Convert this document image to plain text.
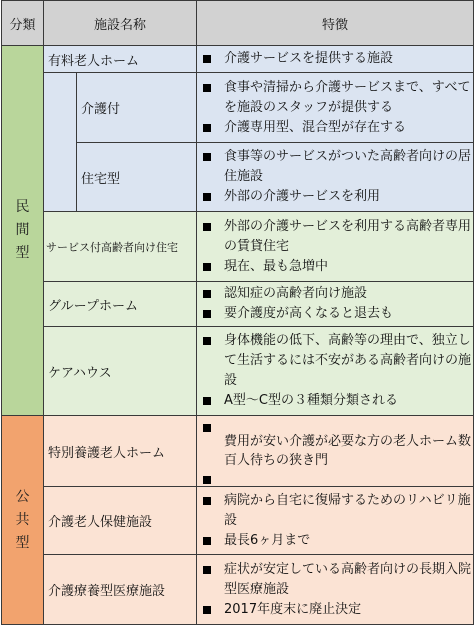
分類	施設名称		特徴

民
間
型	有料老人ホーム		介護サービスを提供する施設

		介護付	食事や清掃から介護サービスまで、すべてを施設のスタッフが提供する
介護専用型、混合型が存在する

		住宅型	食事等のサービスがついた高齢者向けの居住施設
外部の介護サービスを利用

	サービス付高齢者向け住宅		外部の介護サービスを利用する高齢者専用の賃貸住宅
現在、最も急増中

	グループホーム		認知症の高齢者向け施設
要介護度が高くなると退去も

	ケアハウス		身体機能の低下、高齢等の理由で、独立して生活するには不安がある高齢者向けの施設
A型〜C型の３種類分類される

公
共
型	特別養護老人ホーム		費用が安い介護が必要な方の老人ホーム数百人待ちの狭き門

	介護老人保健施設		病院から自宅に復帰するためのリハビリ施設
最長6ヶ月まで

	介護療養型医療施設		症状が安定している高齢者向けの長期入院型医療施設
2017年度末に廃止決定
